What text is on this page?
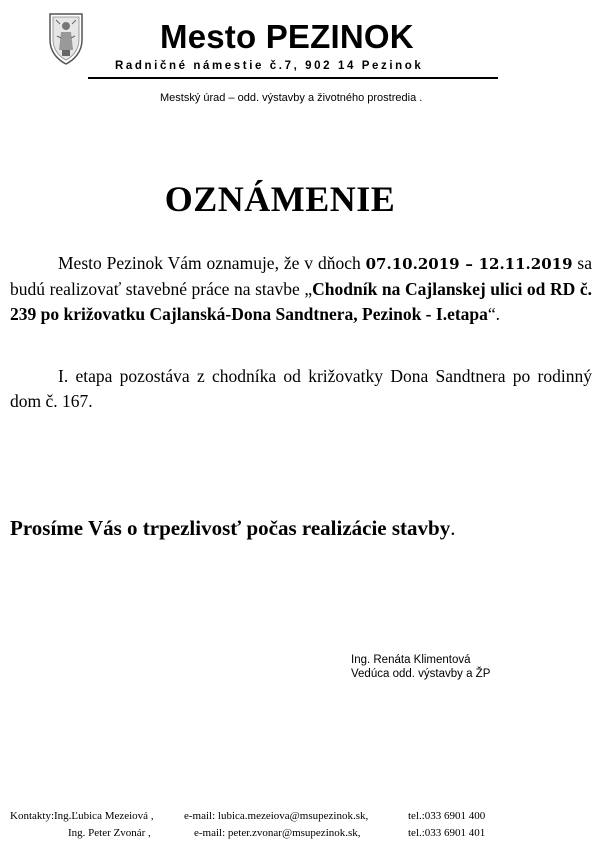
Mesto PEZINOK
Radničné námestie č.7, 902 14 Pezinok
Mestský úrad – odd. výstavby a životného prostredia .
OZNÁMENIE
Mesto Pezinok Vám oznamuje, že v dňoch 07.10.2019 – 12.11.2019 sa budú realizovať stavebné práce na stavbe „Chodník na Cajlanskej ulici od RD č. 239 po križovatku Cajlanská-Dona Sandtnera, Pezinok - I.etapa“.
I. etapa pozostáva z chodníka od križovatky Dona Sandtnera po rodinný dom č. 167.
Prosíme Vás o trpezlivosť počas realizácie stavby.
Ing. Renáta Klimentová
Vedúca odd. výstavby a ŽP
Kontakty:Ing.Ľubica Mezeiová ,	e-mail: lubica.mezeiova@msupezinok.sk,	tel.:033 6901 400
Ing. Peter Zvonár ,	e-mail: peter.zvonar@msupezinok.sk,	tel.:033 6901 401
